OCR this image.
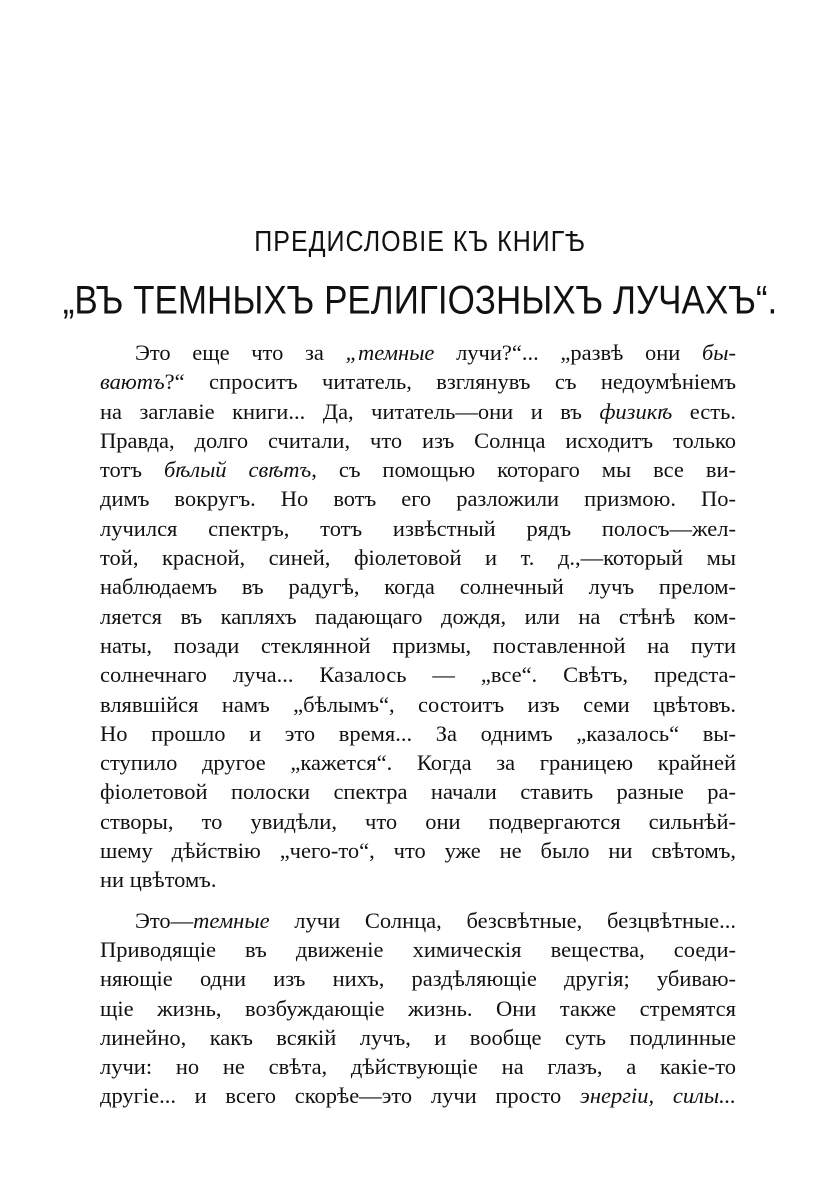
ПРЕДИСЛОВІЕ КЪ КНИГѢ
„ВЪ ТЕМНЫХЪ РЕЛИГІОЗНЫХЪ ЛУЧАХЪ“.
Это еще что за „темные лучи?“... „развѣ они бы-
ваютъ?“ спроситъ читатель, взглянувъ съ недоумѣніемъ
на заглавіе книги... Да, читатель—они и въ физикѣ есть.
Правда, долго считали, что изъ Солнца исходитъ только
тотъ бѣлый свѣтъ, съ помощью котораго мы все ви-
димъ вокругъ. Но вотъ его разложили призмою. По-
лучился спектръ, тотъ извѣстный рядъ полосъ—жел-
той, красной, синей, фіолетовой и т. д.,—который мы
наблюдаемъ въ радугѣ, когда солнечный лучъ прелом-
ляется въ капляхъ падающаго дождя, или на стѣнѣ ком-
наты, позади стеклянной призмы, поставленной на пути
солнечнаго луча... Казалось — „все“. Свѣтъ, предста-
влявшійся намъ „бѣлымъ“, состоитъ изъ семи цвѣтовъ.
Но прошло и это время... За однимъ „казалось“ вы-
ступило другое „кажется“. Когда за границею крайней
фіолетовой полоски спектра начали ставить разные ра-
створы, то увидѣли, что они подвергаются сильнѣй-
шему дѣйствію „чего-то“, что уже не было ни свѣтомъ,
ни цвѣтомъ.
Это—темные лучи Солнца, безсвѣтные, безцвѣтные...
Приводящіе въ движеніе химическія вещества, соеди-
няющіе одни изъ нихъ, раздѣляющіе другія; убиваю-
щіе жизнь, возбуждающіе жизнь. Они также стремятся
линейно, какъ всякій лучъ, и вообще суть подлинные
лучи: но не свѣта, дѣйствующіе на глазъ, а какіе-то
другіе... и всего скорѣе—это лучи просто энергіи, силы...
